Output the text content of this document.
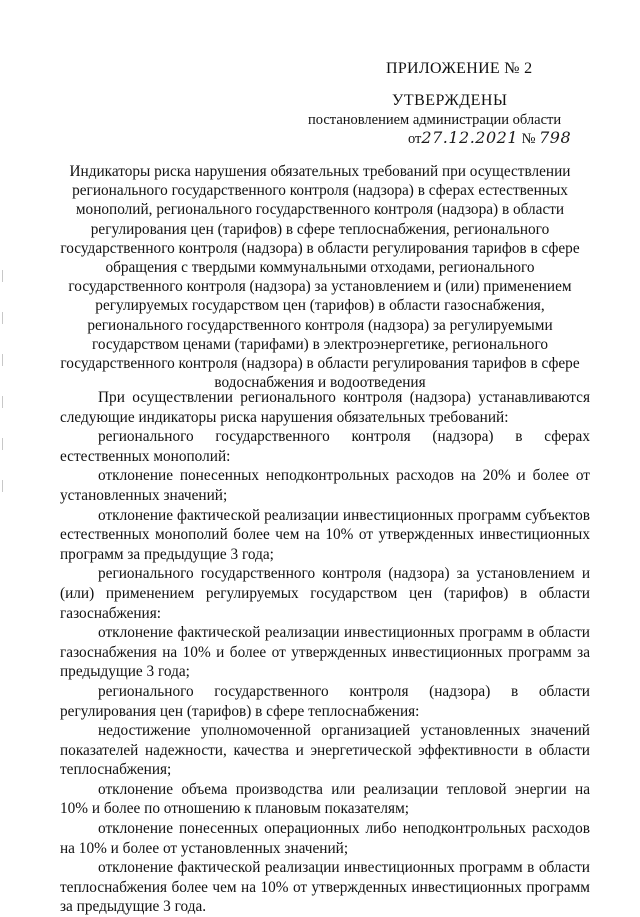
ПРИЛОЖЕНИЕ № 2
УТВЕРЖДЕНЫ
постановлением администрации области
от27.12.2021 № 798
Индикаторы риска нарушения обязательных требований при осуществлении
регионального государственного контроля (надзора) в сферах естественных
монополий, регионального государственного контроля (надзора) в области
регулирования цен (тарифов) в сфере теплоснабжения, регионального
государственного контроля (надзора) в области регулирования тарифов в сфере
обращения с твердыми коммунальными отходами, регионального
государственного контроля (надзора) за установлением и (или) применением
регулируемых государством цен (тарифов) в области газоснабжения,
регионального государственного контроля (надзора) за регулируемыми
государством ценами (тарифами) в электроэнергетике, регионального
государственного контроля (надзора) в области регулирования тарифов в сфере
водоснабжения и водоотведения

При осуществлении регионального контроля (надзора) устанавливаются следующие индикаторы риска нарушения обязательных требований:

регионального государственного контроля (надзора) в сферах естественных монополий:

отклонение понесенных неподконтрольных расходов на 20% и более от установленных значений;

отклонение фактической реализации инвестиционных программ субъектов естественных монополий более чем на 10% от утвержденных инвестиционных программ за предыдущие 3 года;

регионального государственного контроля (надзора) за установлением и (или) применением регулируемых государством цен (тарифов) в области газоснабжения:

отклонение фактической реализации инвестиционных программ в области газоснабжения на 10% и более от утвержденных инвестиционных программ за предыдущие 3 года;

регионального государственного контроля (надзора) в области регулирования цен (тарифов) в сфере теплоснабжения:

недостижение уполномоченной организацией установленных значений показателей надежности, качества и энергетической эффективности в области теплоснабжения;

отклонение объема производства или реализации тепловой энергии на 10% и более по отношению к плановым показателям;

отклонение понесенных операционных либо неподконтрольных расходов на 10% и более от установленных значений;

отклонение фактической реализации инвестиционных программ в области теплоснабжения более чем на 10% от утвержденных инвестиционных программ за предыдущие 3 года.
